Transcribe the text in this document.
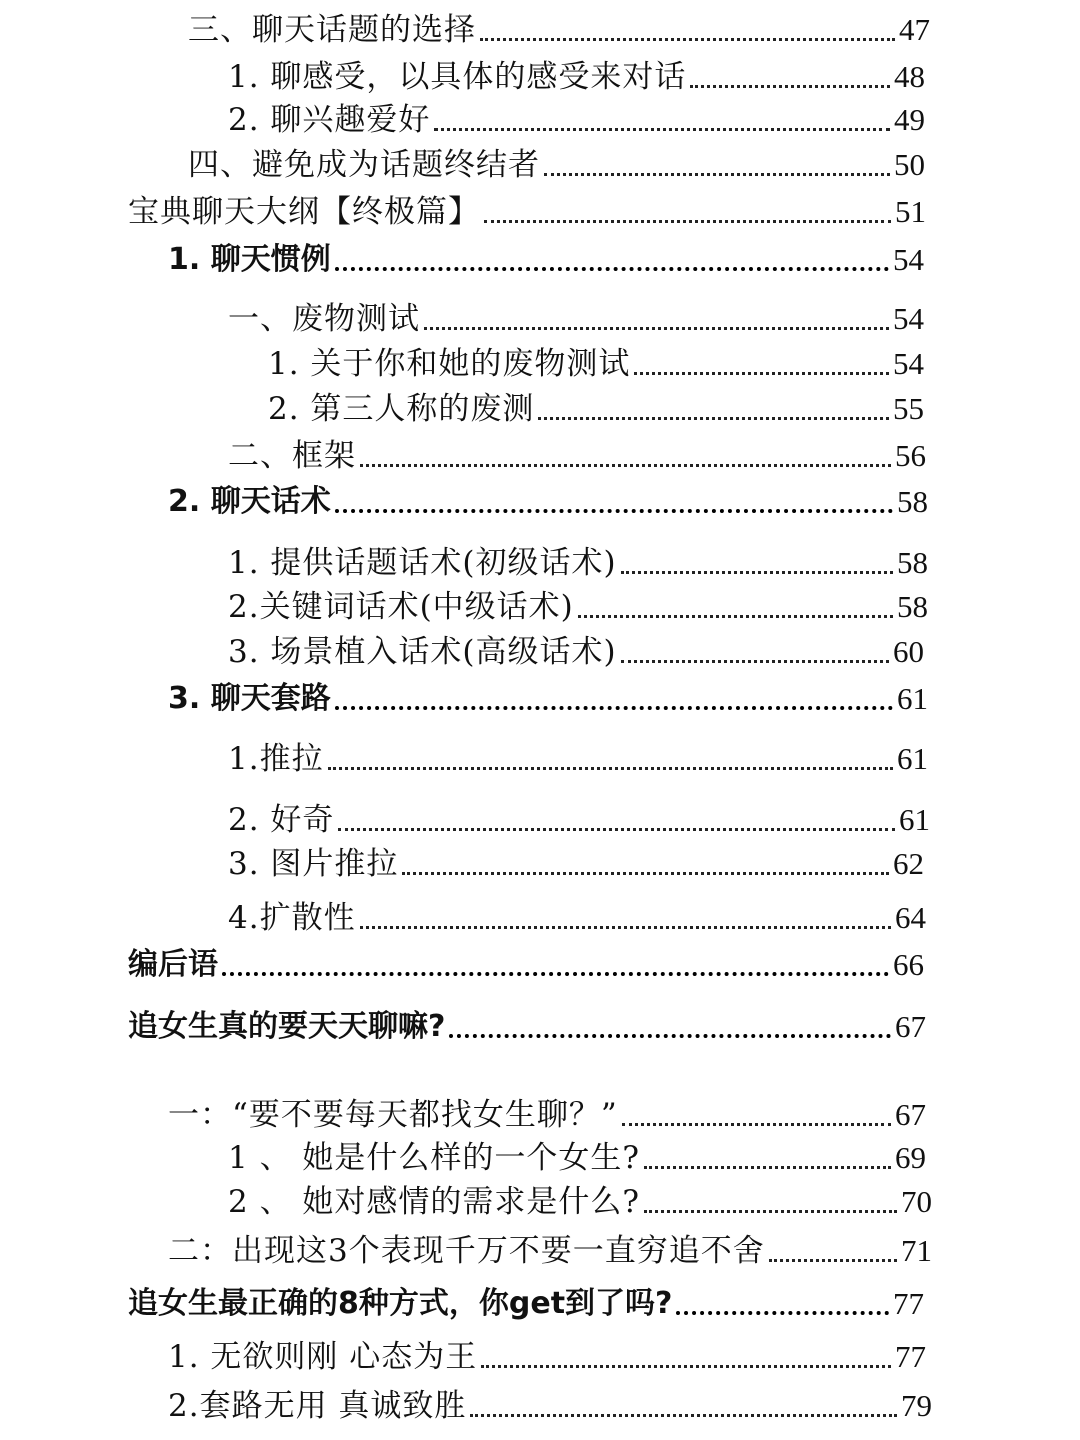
三、聊天话题的选择	47
1. 聊感受，以具体的感受来对话	48
2. 聊兴趣爱好	49
四、避免成为话题终结者	50
宝典聊天大纲【终极篇】	51
1. 聊天惯例	54
一、废物测试	54
1. 关于你和她的废物测试	54
2. 第三人称的废测	55
二、框架	56
2. 聊天话术	58
1. 提供话题话术(初级话术)	58
2.关键词话术(中级话术)	58
3. 场景植入话术(高级话术)	60
3. 聊天套路	61
1.推拉	61
2. 好奇	61
3. 图片推拉	62
4.扩散性	64
编后语	66
追女生真的要天天聊嘛?	67
一：“要不要每天都找女生聊？”	67
1 、 她是什么样的一个女生?	69
2 、 她对感情的需求是什么?	70
二：出现这3个表现千万不要一直穷追不舍	71
追女生最正确的8种方式，你get到了吗?	77
1. 无欲则刚 心态为王	77
2.套路无用 真诚致胜	79
